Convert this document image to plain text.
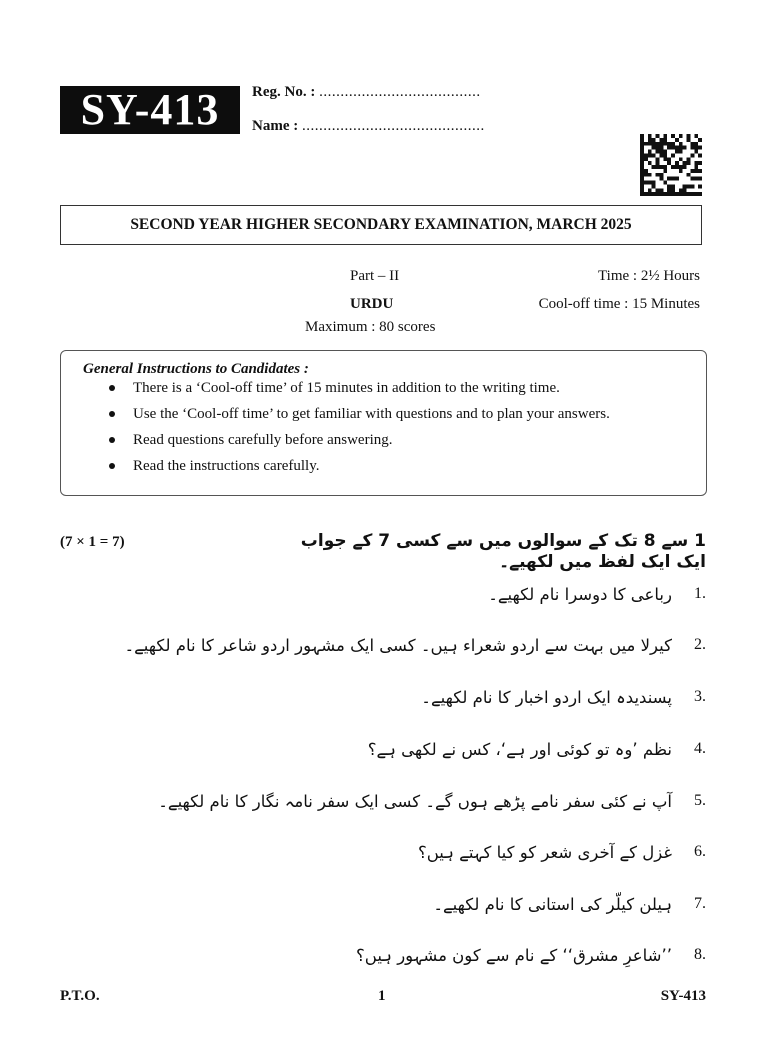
SY-413	Reg. No. : ......................................
Name : ...........................................
SECOND YEAR HIGHER SECONDARY EXAMINATION, MARCH 2025
Part – II
URDU
Maximum : 80 scores
Time : 2½ Hours
Cool-off time : 15 Minutes
General Instructions to Candidates :
There is a ‘Cool-off time’ of 15 minutes in addition to the writing time.
Use the ‘Cool-off time’ to get familiar with questions and to plan your answers.
Read questions carefully before answering.
Read the instructions carefully.
(7 × 1 = 7)	1 سے 8 تک کے سوالوں میں سے کسی 7 کے جواب ایک ایک لفظ میں لکھیے۔
1.
رباعی کا دوسرا نام لکھیے۔
2.
کیرلا میں بہت سے اردو شعراء ہیں۔ کسی ایک مشہور اردو شاعر کا نام لکھیے۔
3.
پسندیدہ ایک اردو اخبار کا نام لکھیے۔
4.
نظم ’وہ تو کوئی اور ہے‘، کس نے لکھی ہے؟
5.
آپ نے کئی سفر نامے پڑھے ہوں گے۔ کسی ایک سفر نامہ نگار کا نام لکھیے۔
6.
غزل کے آخری شعر کو کیا کہتے ہیں؟
7.
ہیلن کیلّر کی استانی کا نام لکھیے۔
8.
’’شاعرِ مشرق‘‘ کے نام سے کون مشہور ہیں؟
P.T.O.	1	SY-413
